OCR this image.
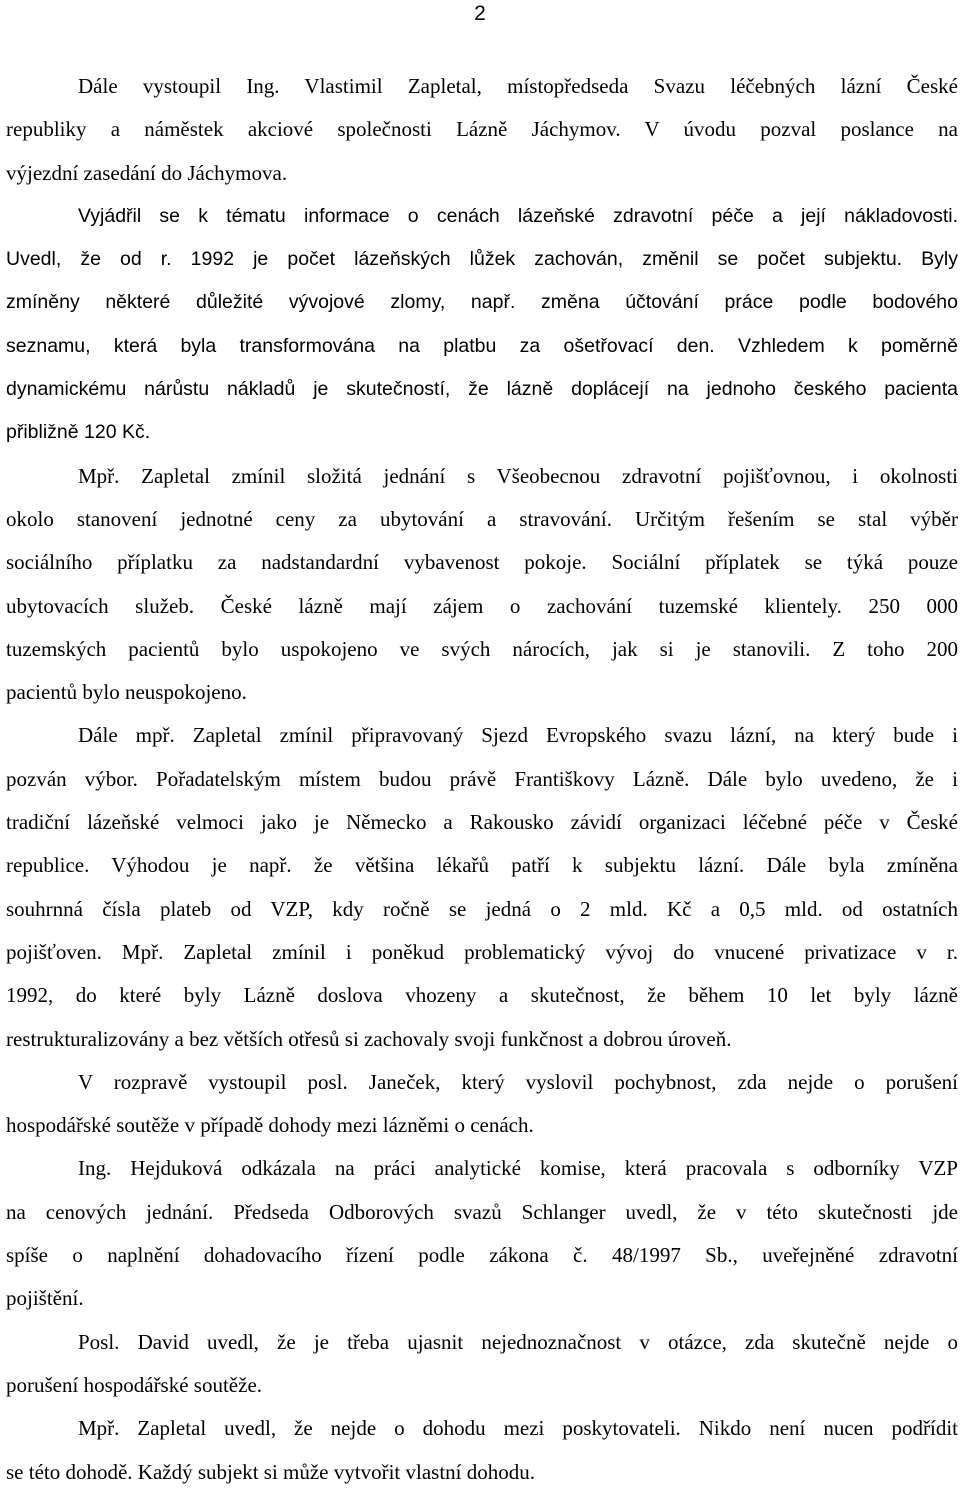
2
Dále vystoupil Ing. Vlastimil Zapletal, místopředseda Svazu léčebných lázní České
republiky a náměstek akciové společnosti Lázně Jáchymov. V úvodu pozval poslance na
výjezdní zasedání do Jáchymova.
Vyjádřil se k tématu informace o cenách lázeňské zdravotní péče a její nákladovosti.
Uvedl, že od r. 1992 je počet lázeňských lůžek zachován, změnil se počet subjektu. Byly
zmíněny některé důležité vývojové zlomy, např. změna účtování práce podle bodového
seznamu, která byla transformována na platbu za ošetřovací den. Vzhledem k poměrně
dynamickému nárůstu nákladů je skutečností, že lázně doplácejí na jednoho českého pacienta
přibližně 120 Kč.
Mpř. Zapletal zmínil složitá jednání s Všeobecnou zdravotní pojišťovnou, i okolnosti
okolo stanovení jednotné ceny za ubytování a stravování. Určitým řešením se stal výběr
sociálního příplatku za nadstandardní vybavenost pokoje. Sociální příplatek se týká pouze
ubytovacích služeb. České lázně mají zájem o zachování tuzemské klientely. 250 000
tuzemských pacientů bylo uspokojeno ve svých nárocích, jak si je stanovili. Z toho 200
pacientů bylo neuspokojeno.
Dále mpř. Zapletal zmínil připravovaný Sjezd Evropského svazu lázní, na který bude i
pozván výbor. Pořadatelským místem budou právě Františkovy Lázně. Dále bylo uvedeno, že i
tradiční lázeňské velmoci jako je Německo a Rakousko závidí organizaci léčebné péče v České
republice. Výhodou je např. že většina lékařů patří k subjektu lázní. Dále byla zmíněna
souhrnná čísla plateb od VZP, kdy ročně se jedná o 2 mld. Kč a 0,5 mld. od ostatních
pojišťoven. Mpř. Zapletal zmínil i poněkud problematický vývoj do vnucené privatizace v r.
1992, do které byly Lázně doslova vhozeny a skutečnost, že během 10 let byly lázně
restrukturalizovány a bez větších otřesů si zachovaly svoji funkčnost a dobrou úroveň.
V rozpravě vystoupil posl. Janeček, který vyslovil pochybnost, zda nejde o porušení
hospodářské soutěže v případě dohody mezi lázněmi o cenách.
Ing. Hejduková odkázala na práci analytické komise, která pracovala s odborníky VZP
na cenových jednání. Předseda Odborových svazů Schlanger uvedl, že v této skutečnosti jde
spíše o naplnění dohadovacího řízení podle zákona č. 48/1997 Sb., uveřejněné zdravotní
pojištění.
Posl. David uvedl, že je třeba ujasnit nejednoznačnost v otázce, zda skutečně nejde o
porušení hospodářské soutěže.
Mpř. Zapletal uvedl, že nejde o dohodu mezi poskytovateli. Nikdo není nucen podřídit
se této dohodě. Každý subjekt si může vytvořit vlastní dohodu.
